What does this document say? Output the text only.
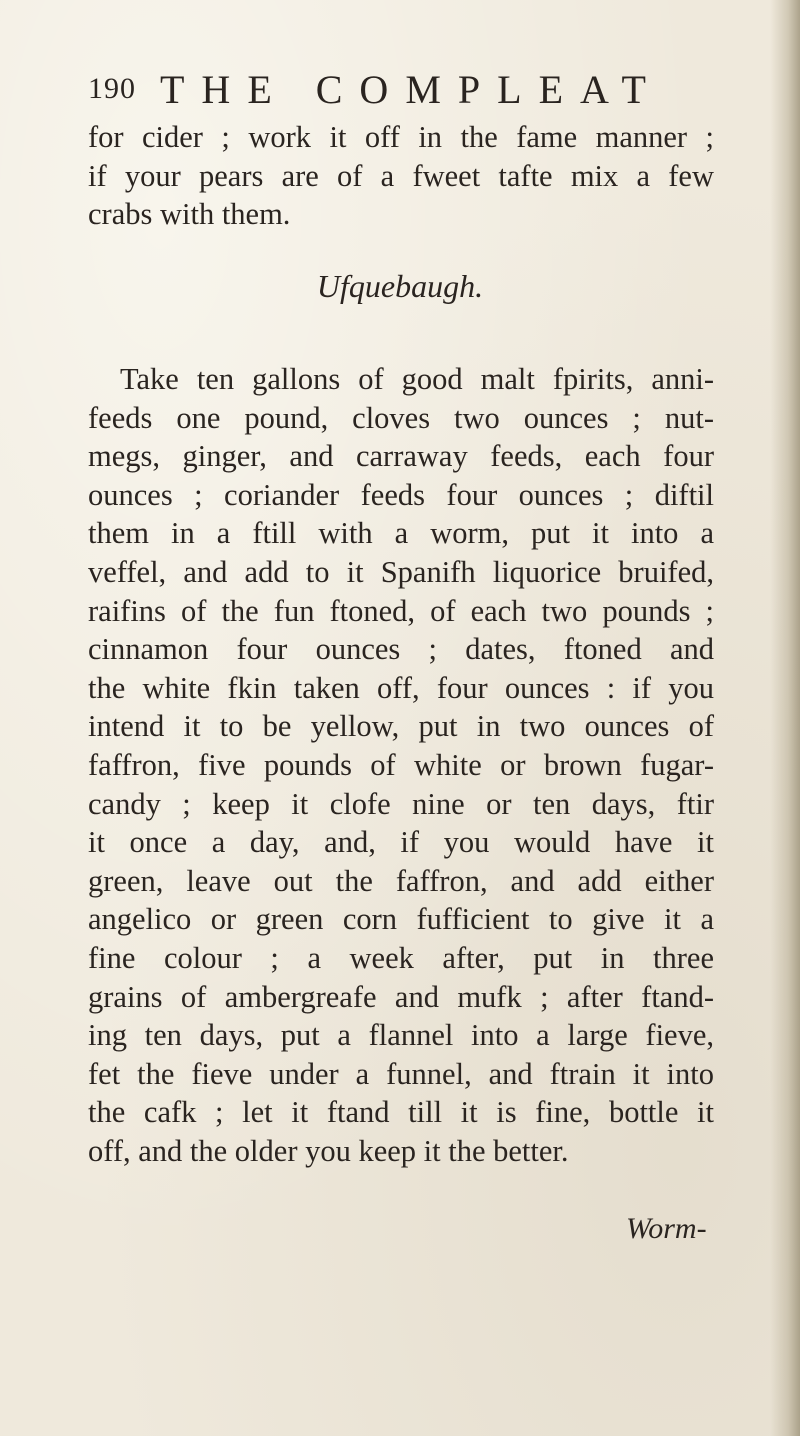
190 THE COMPLEAT
for cider ; work it off in the fame manner ;
if your pears are of a fweet tafte mix a few
crabs with them.
Ufquebaugh.
Take ten gallons of good malt fpirits, anni-
feeds one pound, cloves two ounces ; nut-
megs, ginger, and carraway feeds, each four
ounces ; coriander feeds four ounces ; diftil
them in a ftill with a worm, put it into a
veffel, and add to it Spanifh liquorice bruifed,
raifins of the fun ftoned, of each two pounds ;
cinnamon four ounces ; dates, ftoned and
the white fkin taken off, four ounces : if you
intend it to be yellow, put in two ounces of
faffron, five pounds of white or brown fugar-
candy ; keep it clofe nine or ten days, ftir
it once a day, and, if you would have it
green, leave out the faffron, and add either
angelico or green corn fufficient to give it a
fine colour ; a week after, put in three
grains of ambergreafe and mufk ; after ftand-
ing ten days, put a flannel into a large fieve,
fet the fieve under a funnel, and ftrain it into
the cafk ; let it ftand till it is fine, bottle it
off, and the older you keep it the better.
Worm-
